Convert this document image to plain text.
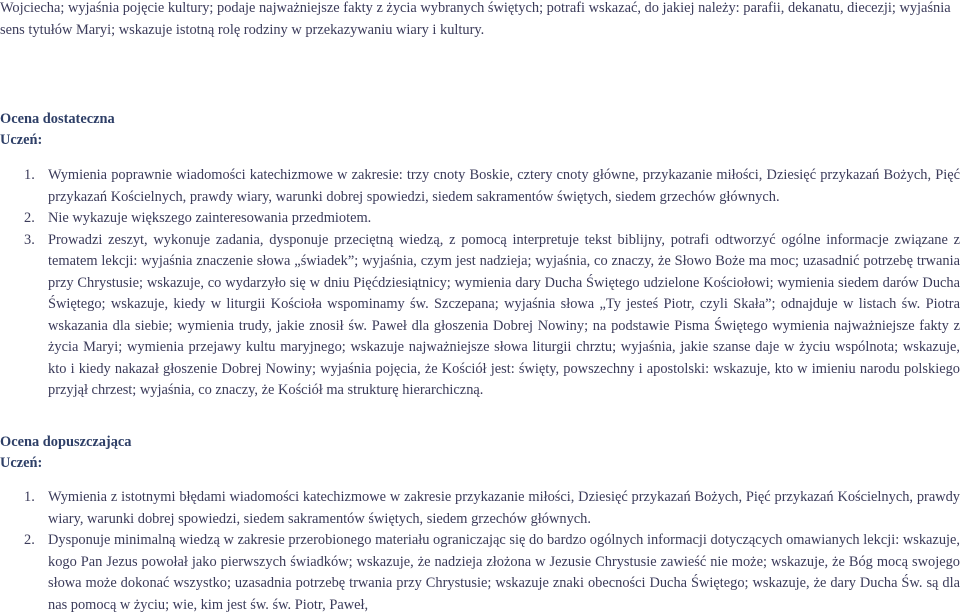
Wojciecha; wyjaśnia pojęcie kultury; podaje najważniejsze fakty z życia wybranych świętych; potrafi wskazać, do jakiej należy: parafii, dekanatu, diecezji; wyjaśnia sens tytułów Maryi; wskazuje istotną rolę rodziny w przekazywaniu wiary i kultury.
Ocena dostateczna
Uczeń:
1. Wymienia poprawnie wiadomości katechizmowe w zakresie: trzy cnoty Boskie, cztery cnoty główne, przykazanie miłości, Dziesięć przykazań Bożych, Pięć przykazań Kościelnych, prawdy wiary, warunki dobrej spowiedzi, siedem sakramentów świętych, siedem grzechów głównych.
2. Nie wykazuje większego zainteresowania przedmiotem.
3. Prowadzi zeszyt, wykonuje zadania, dysponuje przeciętną wiedzą, z pomocą interpretuje tekst biblijny, potrafi odtworzyć ogólne informacje związane z tematem lekcji: wyjaśnia znaczenie słowa „świadek”; wyjaśnia, czym jest nadzieja; wyjaśnia, co znaczy, że Słowo Boże ma moc; uzasadnić potrzebę trwania przy Chrystusie; wskazuje, co wydarzyło się w dniu Pięćdziesiątnicy; wymienia dary Ducha Świętego udzielone Kościołowi; wymienia siedem darów Ducha Świętego; wskazuje, kiedy w liturgii Kościoła wspominamy św. Szczepana; wyjaśnia słowa „Ty jesteś Piotr, czyli Skała”; odnajduje w listach św. Piotra wskazania dla siebie; wymienia trudy, jakie znosił św. Paweł dla głoszenia Dobrej Nowiny; na podstawie Pisma Świętego wymienia najważniejsze fakty z życia Maryi; wymienia przejawy kultu maryjnego; wskazuje najważniejsze słowa liturgii chrztu; wyjaśnia, jakie szanse daje w życiu wspólnota; wskazuje, kto i kiedy nakazał głoszenie Dobrej Nowiny; wyjaśnia pojęcia, że Kościół jest: święty, powszechny i apostolski: wskazuje, kto w imieniu narodu polskiego przyjął chrzest; wyjaśnia, co znaczy, że Kościół ma strukturę hierarchiczną.
Ocena dopuszczająca
Uczeń:
1. Wymienia z istotnymi błędami wiadomości katechizmowe w zakresie przykazanie miłości, Dziesięć przykazań Bożych, Pięć przykazań Kościelnych, prawdy wiary, warunki dobrej spowiedzi, siedem sakramentów świętych, siedem grzechów głównych.
2. Dysponuje minimalną wiedzą w zakresie przerobionego materiału ograniczając się do bardzo ogólnych informacji dotyczących omawianych lekcji: wskazuje, kogo Pan Jezus powołał jako pierwszych świadków; wskazuje, że nadzieja złożona w Jezusie Chrystusie zawieść nie może; wskazuje, że Bóg mocą swojego słowa może dokonać wszystko; uzasadnia potrzebę trwania przy Chrystusie; wskazuje znaki obecności Ducha Świętego; wskazuje, że dary Ducha Św. są dla nas pomocą w życiu; wie, kim jest św. św. Piotr, Paweł,
